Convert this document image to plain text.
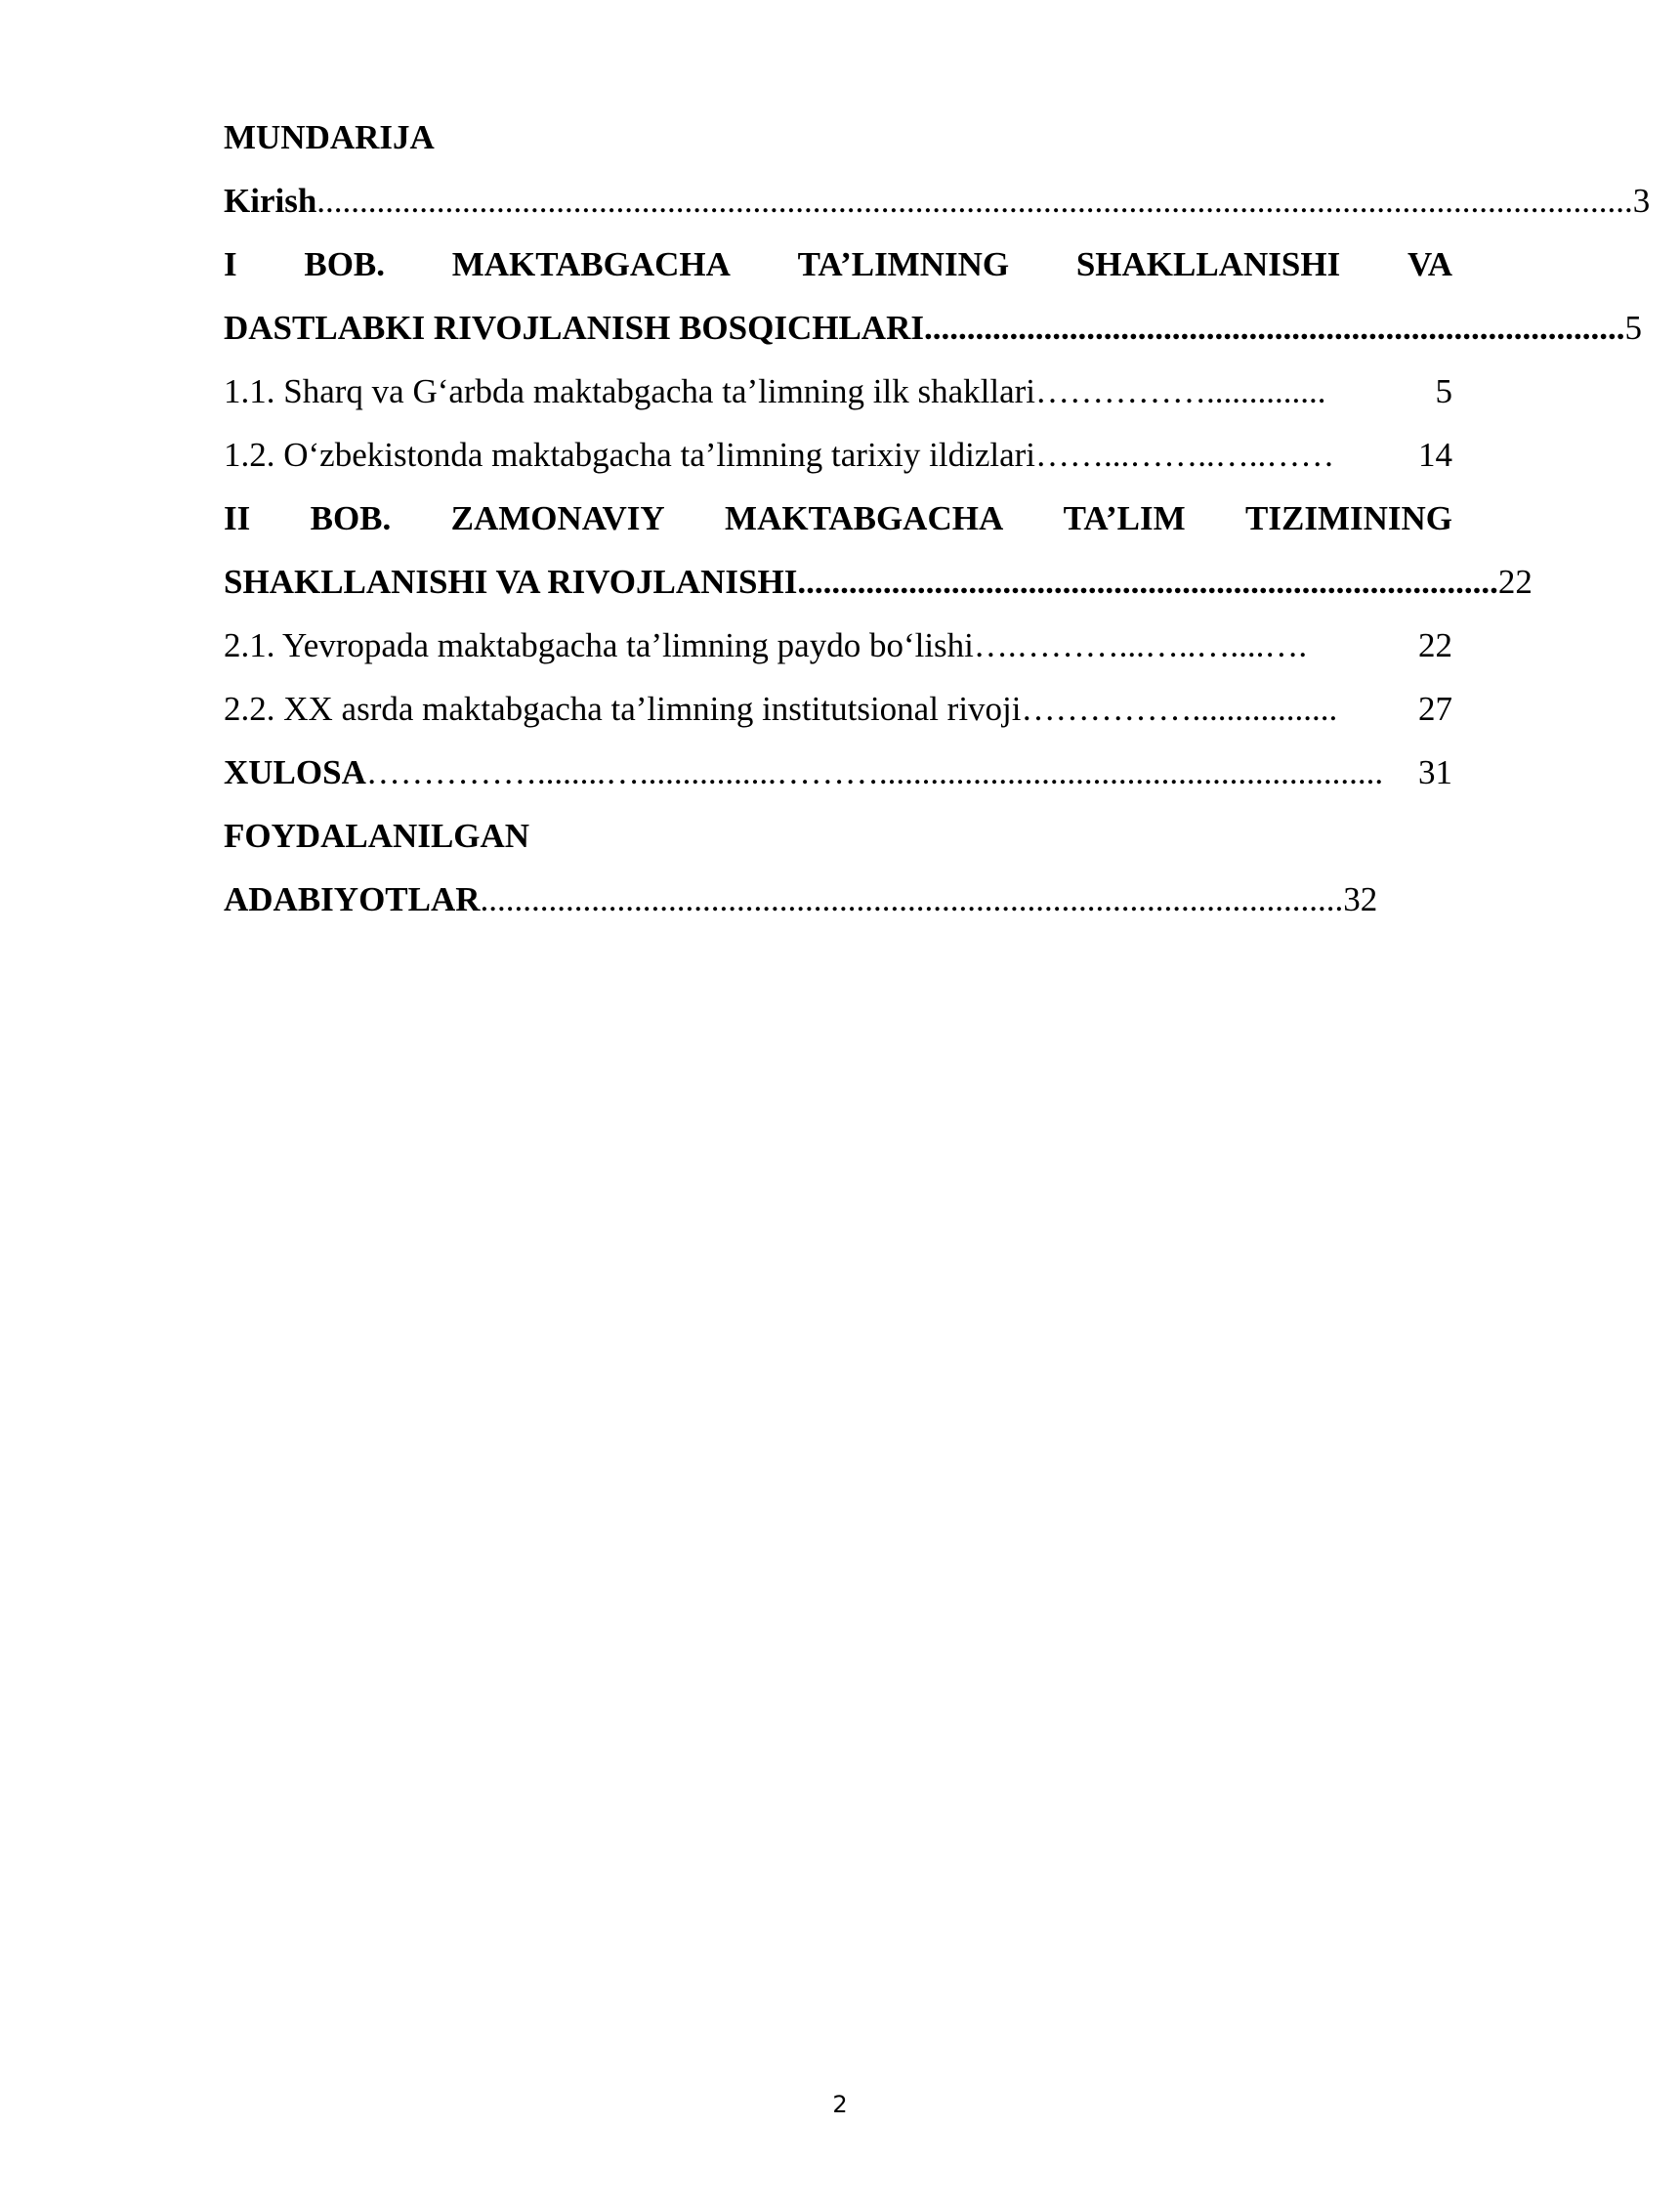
MUNDARIJA
Kirish .......................................................................................................................................................... 3
I BOB. MAKTABGACHA TA’LIMNING SHAKLLANISHI VA
DASTLABKI RIVOJLANISH BOSQICHLARI .................................................................................. 5
1.1. Sharq va G‘arbda maktabgacha ta’limning ilk shakllari ……………..............	5
1.2. O‘zbekistonda maktabgacha ta’limning tarixiy ildizlari ……...……..…..……	14
II BOB. ZAMONAVIY MAKTABGACHA TA’LIM TIZIMINING
SHAKLLANISHI VA RIVOJLANISHI .................................................................................. 22
2.1. Yevropada maktabgacha ta’limning paydo bo‘lishi ….………...…..…....….	22
2.2. XX asrda maktabgacha ta’limning institutsional rivoji …………….................	27
XULOSA ……………........…................………...........................................................	31
FOYDALANILGAN
ADABIYOTLAR ..................................................................................................... 32
2
